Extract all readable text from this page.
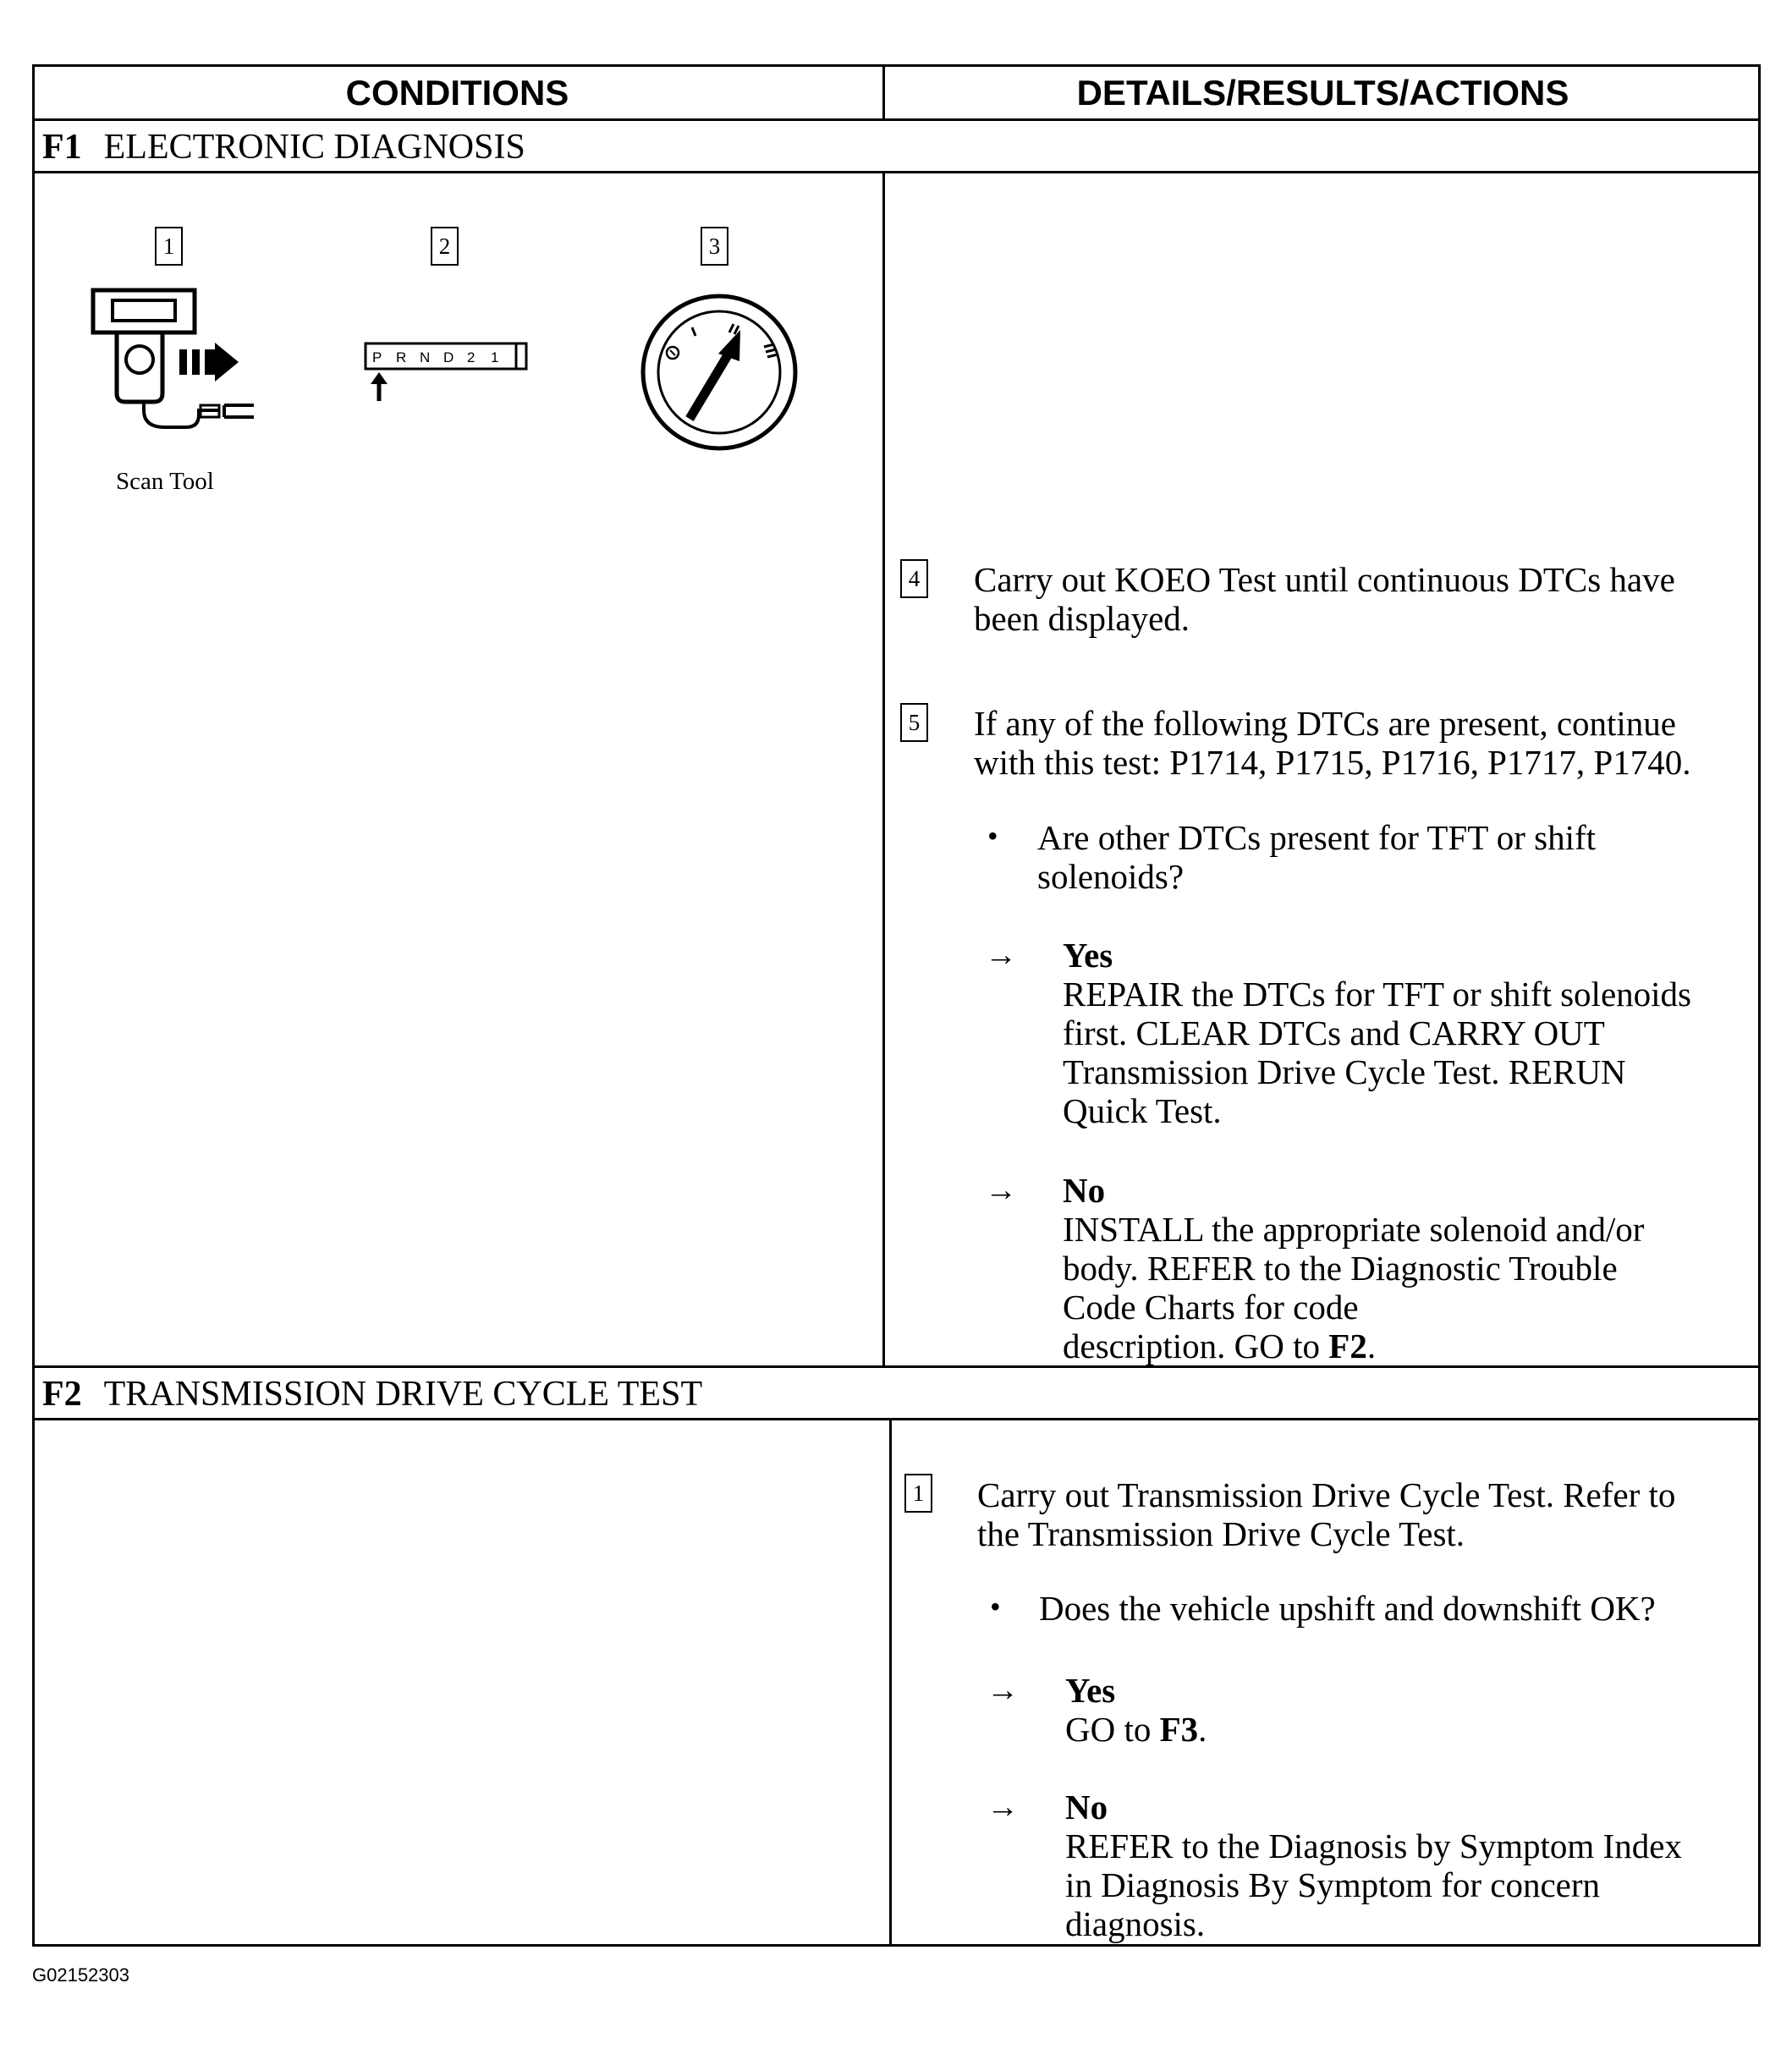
CONDITIONS	DETAILS/RESULTS/ACTIONS
F1 ELECTRONIC DIAGNOSIS
1	2	3
Scan Tool
P R N D 2 1
4 Carry out KOEO Test until continuous DTCs have
been displayed.
5 If any of the following DTCs are present, continue
with this test: P1714, P1715, P1716, P1717, P1740.
• Are other DTCs present for TFT or shift
solenoids?
→ Yes
REPAIR the DTCs for TFT or shift solenoids
first. CLEAR DTCs and CARRY OUT
Transmission Drive Cycle Test. RERUN
Quick Test.
→ No
INSTALL the appropriate solenoid and/or
body. REFER to the Diagnostic Trouble
Code Charts for code
description. GO to F2.
F2 TRANSMISSION DRIVE CYCLE TEST
1 Carry out Transmission Drive Cycle Test. Refer to
the Transmission Drive Cycle Test.
• Does the vehicle upshift and downshift OK?
→ Yes
GO to F3.
→ No
REFER to the Diagnosis by Symptom Index
in Diagnosis By Symptom for concern
diagnosis.
G02152303
